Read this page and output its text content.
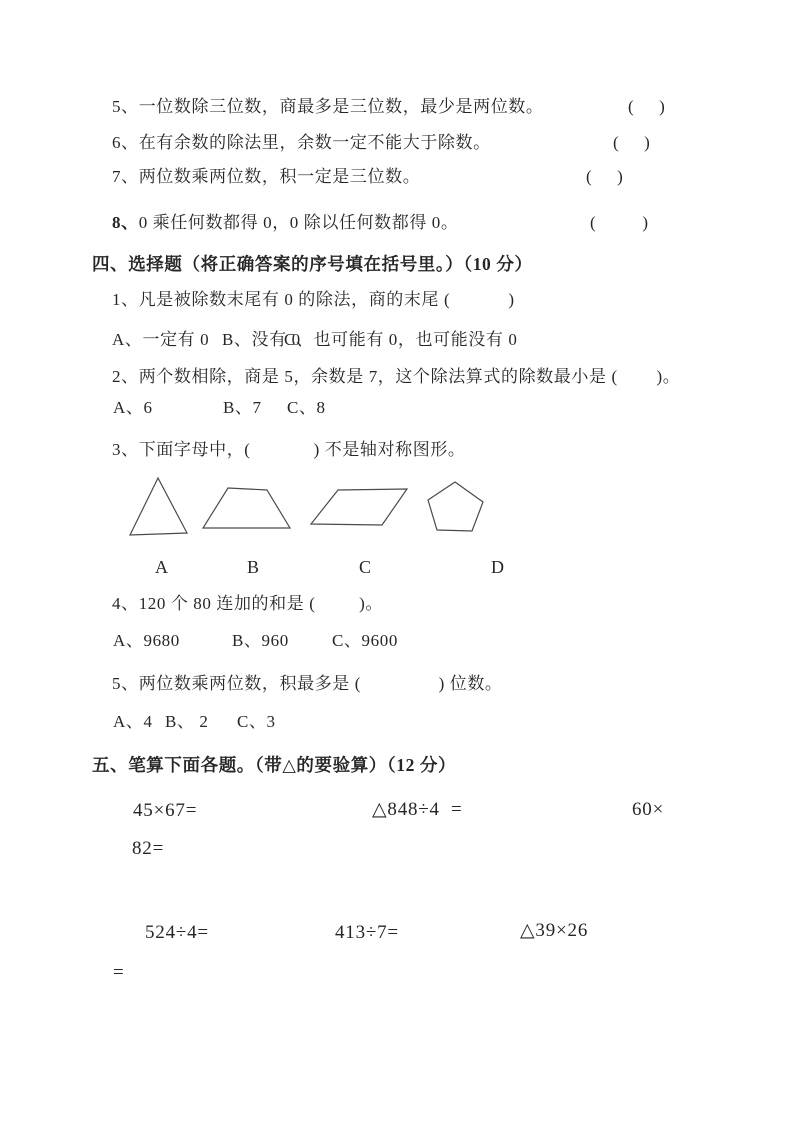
5、一位数除三位数，商最多是三位数，最少是两位数。	(      )
6、在有余数的除法里，余数一定不能大于除数。	(      )
7、两位数乘两位数，积一定是三位数。	(      )
8、0 乘任何数都得 0，0 除以任何数都得 0。	(           )
四、选择题（将正确答案的序号填在括号里。）（10 分）
1、凡是被除数末尾有 0 的除法，商的末尾 (            )
A、一定有 0 B、没有 0
C、也可能有 0，也可能没有 0
2、两个数相除，商是 5，余数是 7，这个除法算式的除数最小是 (        )。
A、6	B、7 C、8
3、下面字母中，(             ) 不是轴对称图形。
A	B	C	D
4、120 个 80 连加的和是 (         )。
A、9680	B、960	C、9600
5、两位数乘两位数，积最多是 (                ) 位数。
A、4 B、 2 C、3
五、笔算下面各题。（带△的要验算）（12 分）
45×67=	△848÷4  =	60×
82=
524÷4=	413÷7=	△39×26
=
